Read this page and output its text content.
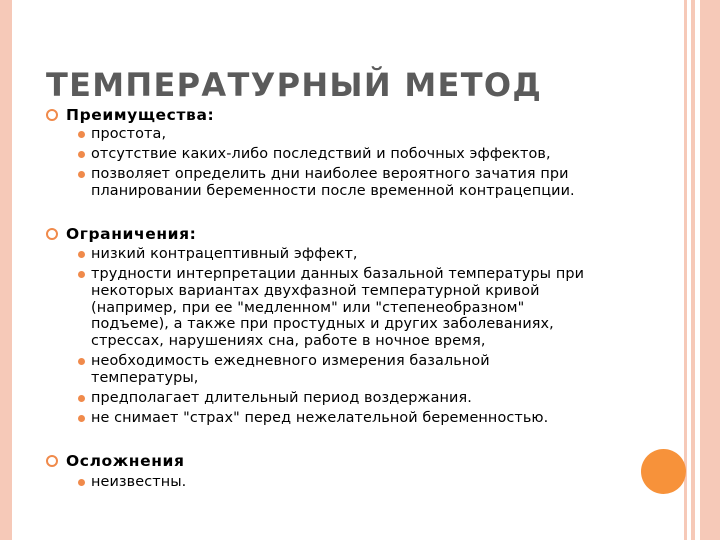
ТЕМПЕРАТУРНЫЙ МЕТОД
Преимущества:
простота,
отсутствие каких-либо последствий и побочных эффектов,
позволяет определить дни наиболее вероятного зачатия при
планировании беременности после временной контрацепции.
Ограничения:
низкий контрацептивный эффект,
трудности интерпретации данных базальной температуры при
некоторых вариантах двухфазной температурной кривой
(например, при ее "медленном" или "степенеобразном"
подъеме), а также при простудных и других заболеваниях,
стрессах, нарушениях сна, работе в ночное время,
необходимость ежедневного измерения базальной
температуры,
предполагает длительный период воздержания.
не снимает "страх" перед нежелательной беременностью.
Осложнения
неизвестны.
